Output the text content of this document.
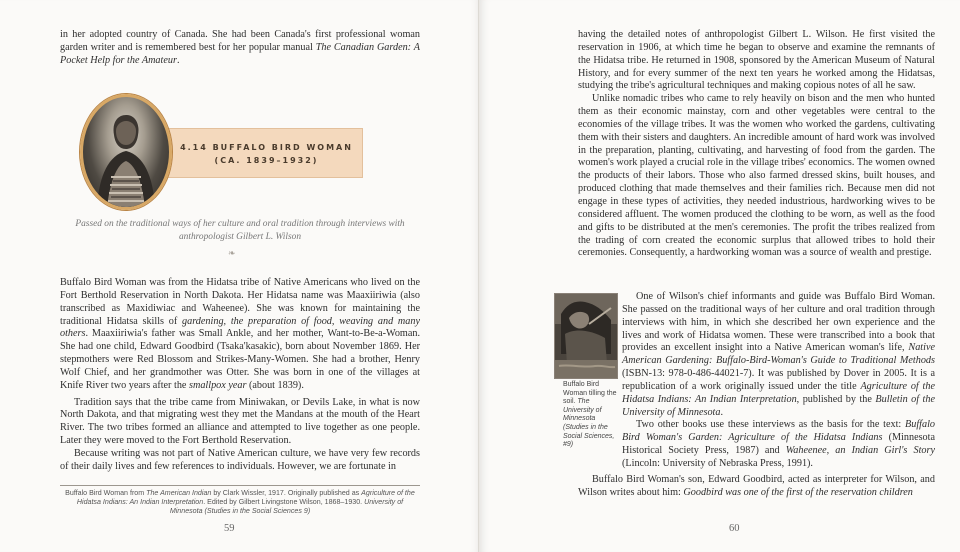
in her adopted country of Canada. She had been Canada's first professional woman garden writer and is remembered best for her popular manual The Canadian Garden: A Pocket Help for the Amateur.

4.14 BUFFALO BIRD WOMAN
(CA. 1839–1932)
Passed on the traditional ways of her culture and oral tradition through interviews with anthropologist Gilbert L. Wilson
❧

Buffalo Bird Woman was from the Hidatsa tribe of Native Americans who lived on the Fort Berthold Reservation in North Dakota. Her Hidatsa name was Maaxiiriwia (also transcribed as Maxidiwiac and Waheenee). She was known for maintaining the traditional Hidatsa skills of gardening, the preparation of food, weaving and many others. Maaxiiriwia's father was Small Ankle, and her mother, Want-to-Be-a-Woman. She had one child, Edward Goodbird (Tsaka'kasakic), born about November 1869. Her stepmothers were Red Blossom and Strikes-Many-Women. She had a brother, Henry Wolf Chief, and her grandmother was Otter. She was born in one of the villages at Knife River two years after the smallpox year (about 1839).

Tradition says that the tribe came from Miniwakan, or Devils Lake, in what is now North Dakota, and that migrating west they met the Mandans at the mouth of the Heart River. The two tribes formed an alliance and attempted to live together as one people. Later they were moved to the Fort Berthold Reservation.

Because writing was not part of Native American culture, we have very few records of their daily lives and few references to individuals. However, we are fortunate in

Buffalo Bird Woman from The American Indian by Clark Wissler, 1917. Originally published as Agriculture of the Hidatsa Indians: An Indian Interpretation. Edited by Gilbert Livingstone Wilson, 1868–1930. University of Minnesota (Studies in the Social Sciences 9)
59

having the detailed notes of anthropologist Gilbert L. Wilson. He first visited the reservation in 1906, at which time he began to observe and examine the remnants of the Hidatsa tribe. He returned in 1908, sponsored by the American Museum of Natural History, and for every summer of the next ten years he worked among the Hidatsas, studying the tribe's agricultural techniques and making copious notes of all he saw.

Unlike nomadic tribes who came to rely heavily on bison and the men who hunted them as their economic mainstay, corn and other vegetables were central to the economies of the village tribes. It was the women who worked the gardens, cultivating them with their sisters and daughters. An incredible amount of hard work was involved in the preparation, planting, cultivating, and harvesting of food from the garden. The women's work played a crucial role in the village tribes' economics. The women owned the products of their labors. Those who also farmed dressed skins, built houses, and produced clothing that made themselves and their families rich. Because men did not engage in these types of activities, they needed industrious, hardworking wives to be considered affluent. The women produced the clothing to be worn, as well as the food and gifts to be distributed at the men's ceremonies. The profit the tribes realized from the trading of corn created the economic surplus that allowed tribes to hold their ceremonies. Consequently, a hardworking woman was a source of wealth and prestige.

Buffalo Bird Woman tilling the soil. The University of Minnesota (Studies in the Social Sciences, #9)

One of Wilson's chief informants and guide was Buffalo Bird Woman. She passed on the traditional ways of her culture and oral tradition through interviews with him, in which she described her own experience and the lives and work of Hidatsa women. These were transcribed into a book that provides an excellent insight into a Native American woman's life, Native American Gardening: Buffalo-Bird-Woman's Guide to Traditional Methods (ISBN-13: 978-0-486-44021-7). It was published by Dover in 2005. It is a republication of a work originally issued under the title Agriculture of the Hidatsa Indians: An Indian Interpretation, published by the Bulletin of the University of Minnesota.

Two other books use these interviews as the basis for the text: Buffalo Bird Woman's Garden: Agriculture of the Hidatsa Indians (Minnesota Historical Society Press, 1987) and Waheenee, an Indian Girl's Story (Lincoln: University of Nebraska Press, 1991).

Buffalo Bird Woman's son, Edward Goodbird, acted as interpreter for Wilson, and Wilson writes about him: Goodbird was one of the first of the reservation children

60
